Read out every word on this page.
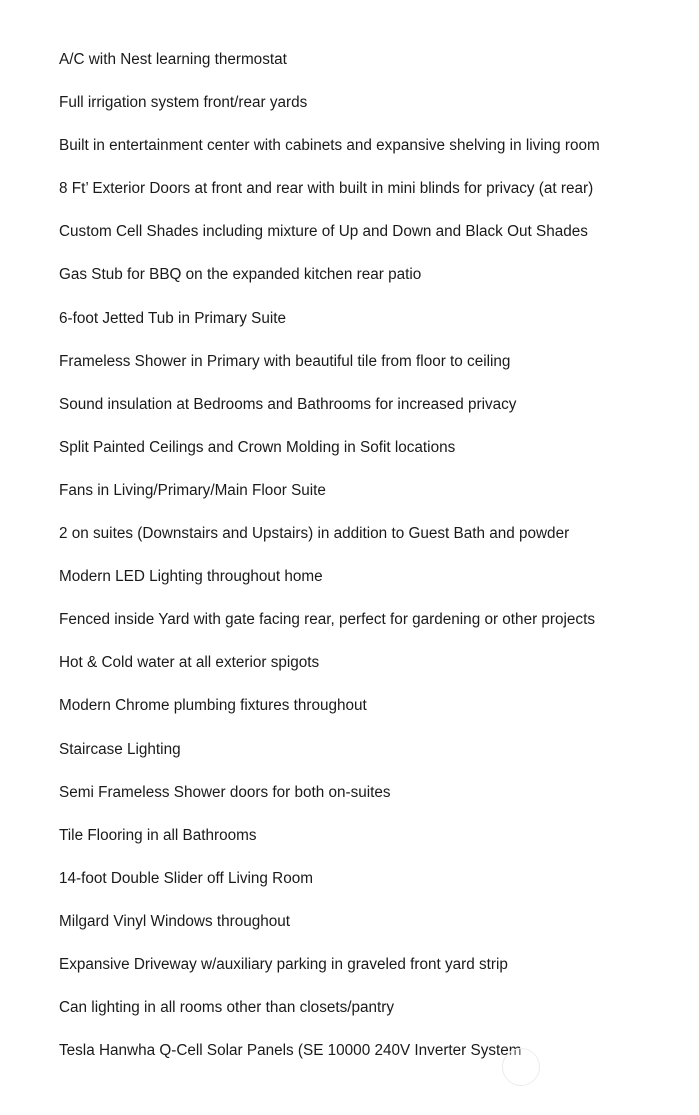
A/C with Nest learning thermostat
Full irrigation system front/rear yards
Built in entertainment center with cabinets and expansive shelving in living room
8 Ft’ Exterior Doors at front and rear with built in mini blinds for privacy (at rear)
Custom Cell Shades including mixture of Up and Down and Black Out Shades
Gas Stub for BBQ on the expanded kitchen rear patio
6-foot Jetted Tub in Primary Suite
Frameless Shower in Primary with beautiful tile from floor to ceiling
Sound insulation at Bedrooms and Bathrooms for increased privacy
Split Painted Ceilings and Crown Molding in Sofit locations
Fans in Living/Primary/Main Floor Suite
2 on suites (Downstairs and Upstairs) in addition to Guest Bath and powder
Modern LED Lighting throughout home
Fenced inside Yard with gate facing rear, perfect for gardening or other projects
Hot & Cold water at all exterior spigots
Modern Chrome plumbing fixtures throughout
Staircase Lighting
Semi Frameless Shower doors for both on-suites
Tile Flooring in all Bathrooms
14-foot Double Slider off Living Room
Milgard Vinyl Windows throughout
Expansive Driveway w/auxiliary parking in graveled front yard strip
Can lighting in all rooms other than closets/pantry
Tesla Hanwha Q-Cell Solar Panels (SE 10000 240V Inverter System
